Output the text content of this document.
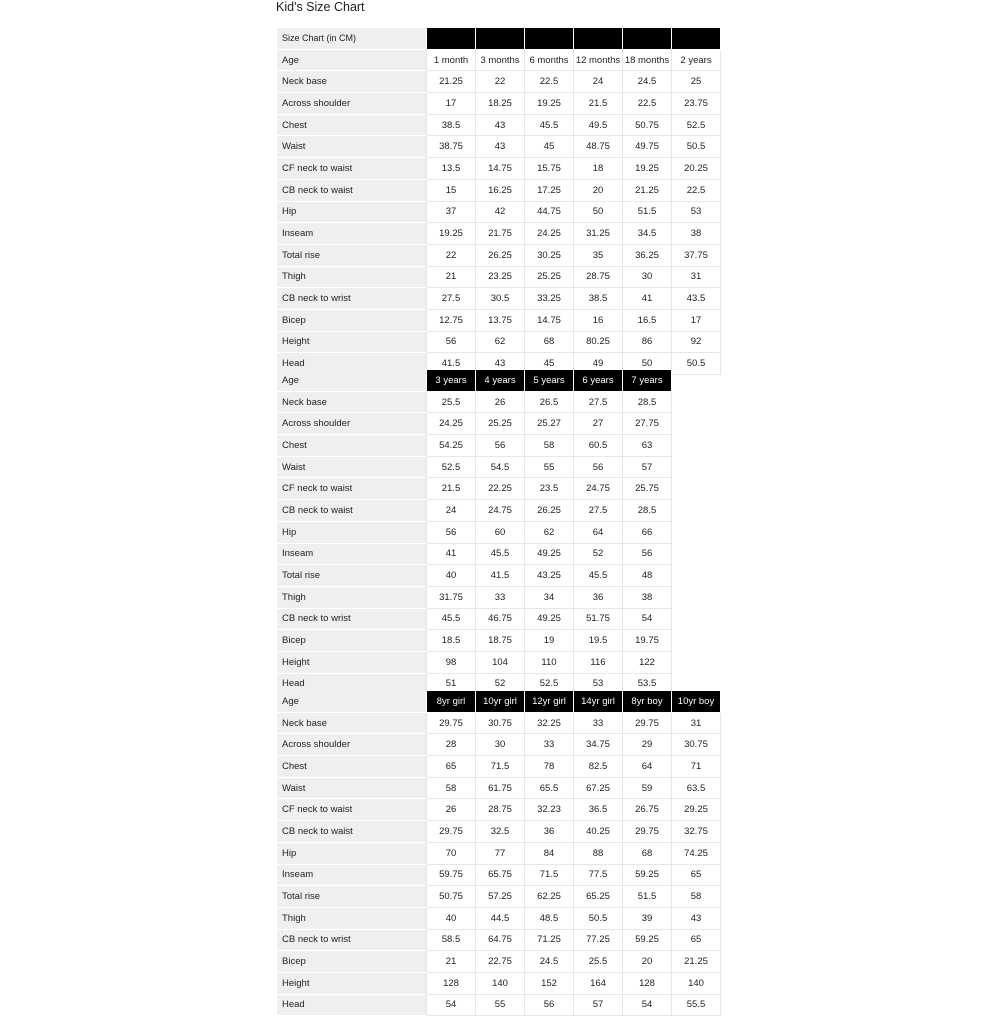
Kid's Size Chart
Size Chart (in CM)						
Age	1 month	3 months	6 months	12 months	18 months	2 years
Neck base	21.25	22	22.5	24	24.5	25
Across shoulder	17	18.25	19.25	21.5	22.5	23.75
Chest	38.5	43	45.5	49.5	50.75	52.5
Waist	38.75	43	45	48.75	49.75	50.5
CF neck to waist	13.5	14.75	15.75	18	19.25	20.25
CB neck to waist	15	16.25	17.25	20	21.25	22.5
Hip	37	42	44.75	50	51.5	53
Inseam	19.25	21.75	24.25	31.25	34.5	38
Total rise	22	26.25	30.25	35	36.25	37.75
Thigh	21	23.25	25.25	28.75	30	31
CB neck to wrist	27.5	30.5	33.25	38.5	41	43.5
Bicep	12.75	13.75	14.75	16	16.5	17
Height	56	62	68	80.25	86	92
Head	41.5	43	45	49	50	50.5
Age	3 years	4 years	5 years	6 years	7 years
Neck base	25.5	26	26.5	27.5	28.5
Across shoulder	24.25	25.25	25.27	27	27.75
Chest	54.25	56	58	60.5	63
Waist	52.5	54.5	55	56	57
CF neck to waist	21.5	22.25	23.5	24.75	25.75
CB neck to waist	24	24.75	26.25	27.5	28.5
Hip	56	60	62	64	66
Inseam	41	45.5	49.25	52	56
Total rise	40	41.5	43.25	45.5	48
Thigh	31.75	33	34	36	38
CB neck to wrist	45.5	46.75	49.25	51.75	54
Bicep	18.5	18.75	19	19.5	19.75
Height	98	104	110	116	122
Head	51	52	52.5	53	53.5
Age	8yr girl	10yr girl	12yr girl	14yr girl	8yr boy	10yr boy
Neck base	29.75	30.75	32.25	33	29.75	31
Across shoulder	28	30	33	34.75	29	30.75
Chest	65	71.5	78	82.5	64	71
Waist	58	61.75	65.5	67.25	59	63.5
CF neck to waist	26	28.75	32.23	36.5	26.75	29.25
CB neck to waist	29.75	32.5	36	40.25	29.75	32.75
Hip	70	77	84	88	68	74.25
Inseam	59.75	65.75	71.5	77.5	59.25	65
Total rise	50.75	57.25	62.25	65.25	51.5	58
Thigh	40	44.5	48.5	50.5	39	43
CB neck to wrist	58.5	64.75	71.25	77.25	59.25	65
Bicep	21	22.75	24.5	25.5	20	21.25
Height	128	140	152	164	128	140
Head	54	55	56	57	54	55.5
